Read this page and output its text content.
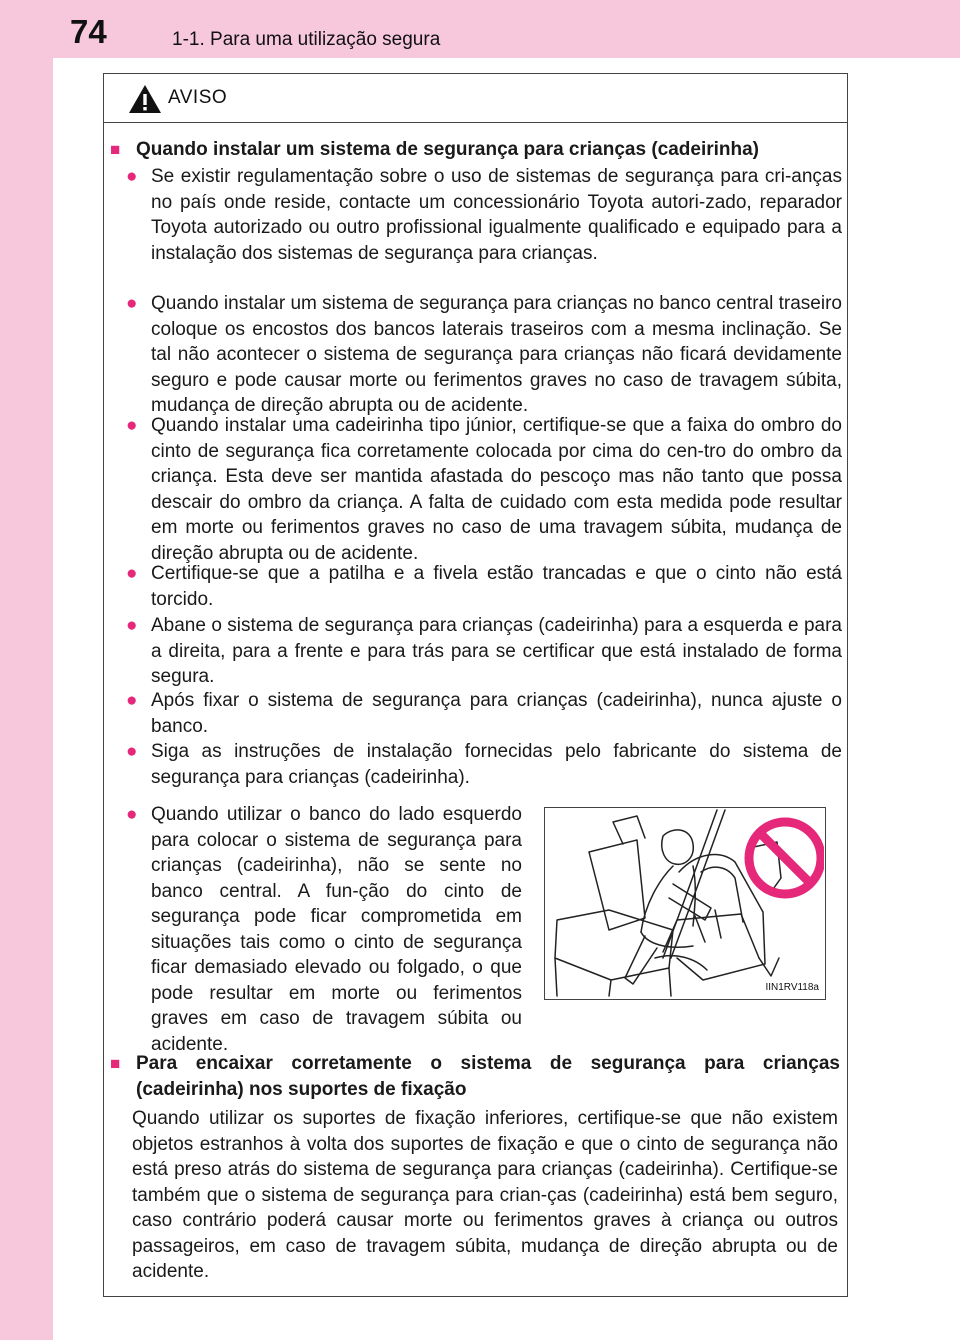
74	1-1. Para uma utilização segura
AVISO
■ Quando instalar um sistema de segurança para crianças (cadeirinha)
● Se existir regulamentação sobre o uso de sistemas de segurança para cri-anças no país onde reside, contacte um concessionário Toyota autori-zado, reparador Toyota autorizado ou outro profissional igualmente qualificado e equipado para a instalação dos sistemas de segurança para crianças.
● Quando instalar um sistema de segurança para crianças no banco central traseiro coloque os encostos dos bancos laterais traseiros com a mesma inclinação. Se tal não acontecer o sistema de segurança para crianças não ficará devidamente seguro e pode causar morte ou ferimentos graves no caso de travagem súbita, mudança de direção abrupta ou de acidente.
● Quando instalar uma cadeirinha tipo júnior, certifique-se que a faixa do ombro do cinto de segurança fica corretamente colocada por cima do cen-tro do ombro da criança. Esta deve ser mantida afastada do pescoço mas não tanto que possa descair do ombro da criança. A falta de cuidado com esta medida pode resultar em morte ou ferimentos graves no caso de uma travagem súbita, mudança de direção abrupta ou de acidente.
● Certifique-se que a patilha e a fivela estão trancadas e que o cinto não está torcido.
● Abane o sistema de segurança para crianças (cadeirinha) para a esquerda e para a direita, para a frente e para trás para se certificar que está instalado de forma segura.
● Após fixar o sistema de segurança para crianças (cadeirinha), nunca ajuste o banco.
● Siga as instruções de instalação fornecidas pelo fabricante do sistema de segurança para crianças (cadeirinha).
● Quando utilizar o banco do lado esquerdo para colocar o sistema de segurança para crianças (cadeirinha), não se sente no banco central. A fun-ção do cinto de segurança pode ficar comprometida em situações tais como o cinto de segurança ficar demasiado elevado ou folgado, o que pode resultar em morte ou ferimentos graves em caso de travagem súbita ou acidente.
IIN1RV118a
■ Para encaixar corretamente o sistema de segurança para crianças (cadeirinha) nos suportes de fixação
Quando utilizar os suportes de fixação inferiores, certifique-se que não existem objetos estranhos à volta dos suportes de fixação e que o cinto de segurança não está preso atrás do sistema de segurança para crianças (cadeirinha). Certifique-se também que o sistema de segurança para crian-ças (cadeirinha) está bem seguro, caso contrário poderá causar morte ou ferimentos graves à criança ou outros passageiros, em caso de travagem súbita, mudança de direção abrupta ou de acidente.
